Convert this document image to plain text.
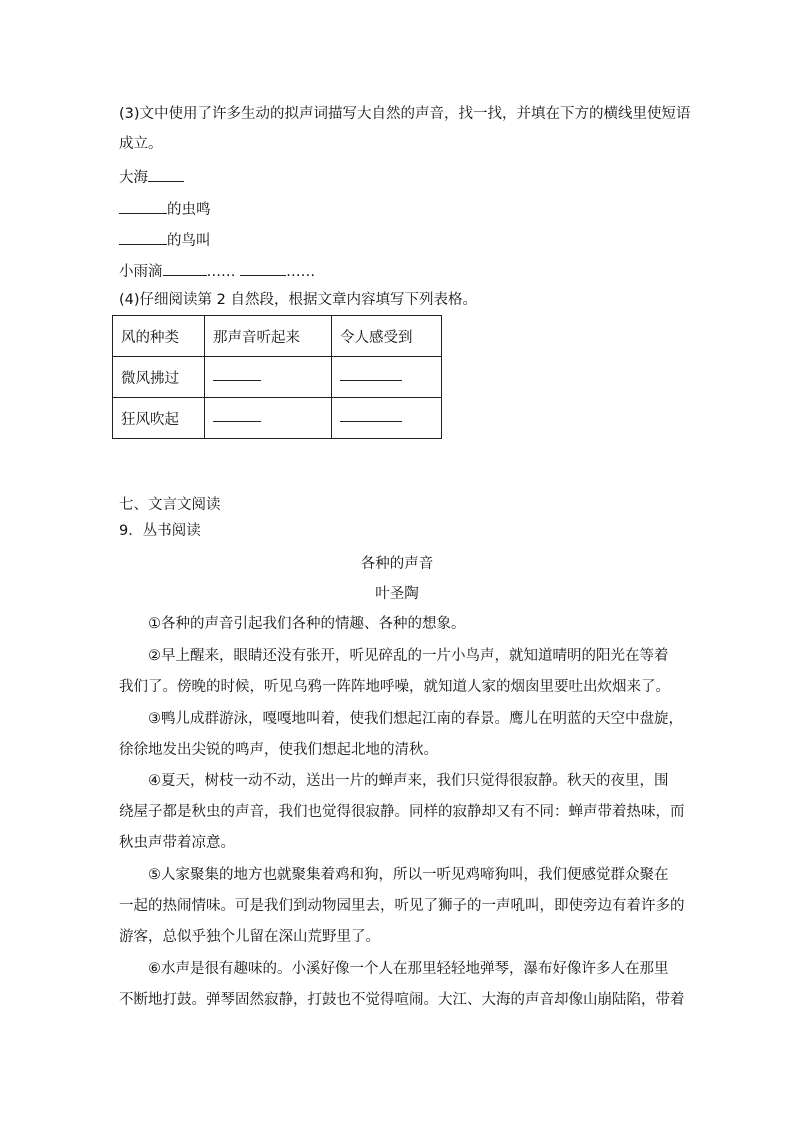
(3)文中使用了许多生动的拟声词描写大自然的声音，找一找，并填在下方的横线里使短语
成立。
大海
的虫鸣
的鸟叫
小雨滴	……	……
(4)仔细阅读第 2 自然段，根据文章内容填写下列表格。
风的种类	那声音听起来	令人感受到
微风拂过		
狂风吹起		
七、文言文阅读
9．丛书阅读
各种的声音
叶圣陶
①各种的声音引起我们各种的情趣、各种的想象。
②早上醒来，眼睛还没有张开，听见碎乱的一片小鸟声，就知道晴明的阳光在等着
我们了。傍晚的时候，听见乌鸦一阵阵地呼噪，就知道人家的烟囱里要吐出炊烟来了。
③鸭儿成群游泳，嘎嘎地叫着，使我们想起江南的春景。鹰儿在明蓝的天空中盘旋，
徐徐地发出尖锐的鸣声，使我们想起北地的清秋。
④夏天，树枝一动不动，送出一片的蝉声来，我们只觉得很寂静。秋天的夜里，围
绕屋子都是秋虫的声音，我们也觉得很寂静。同样的寂静却又有不同：蝉声带着热味，而
秋虫声带着凉意。
⑤人家聚集的地方也就聚集着鸡和狗，所以一听见鸡啼狗叫，我们便感觉群众聚在
一起的热闹情味。可是我们到动物园里去，听见了狮子的一声吼叫，即使旁边有着许多的
游客，总似乎独个儿留在深山荒野里了。
⑥水声是很有趣味的。小溪好像一个人在那里轻轻地弹琴，瀑布好像许多人在那里
不断地打鼓。弹琴固然寂静，打鼓也不觉得喧闹。大江、大海的声音却像山崩陆陷，带着
